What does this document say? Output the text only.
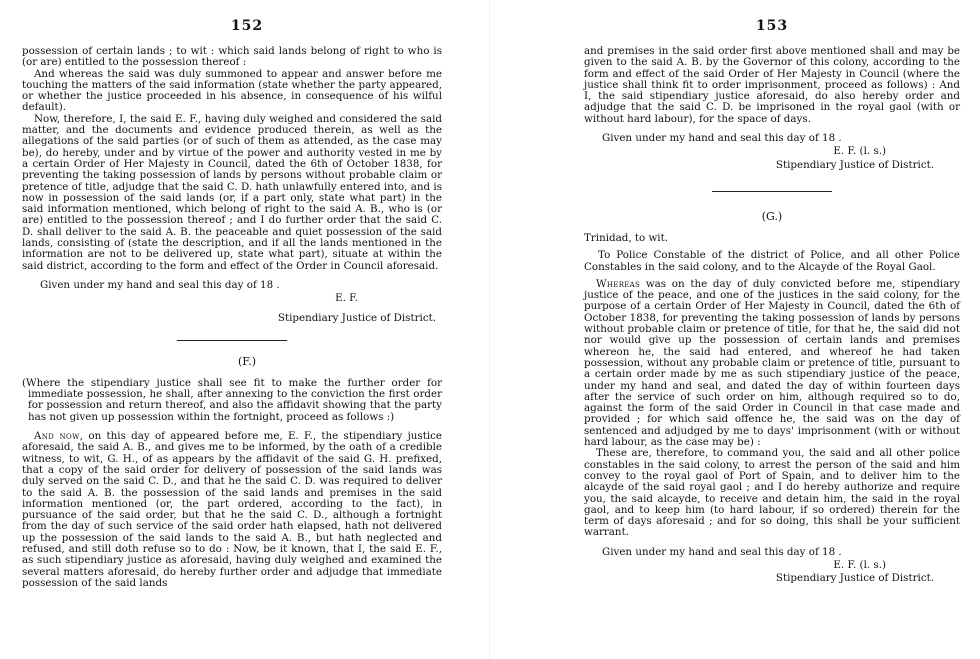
152

possession of certain lands ; to wit : which said lands belong of right to who is (or are) entitled to the possession thereof :

And whereas the said was duly summoned to appear and answer before me touching the matters of the said information (state whether the party appeared, or whether the justice proceeded in his absence, in consequence of his wilful default).

Now, therefore, I, the said E. F., having duly weighed and considered the said matter, and the documents and evidence produced therein, as well as the allegations of the said parties (or of such of them as attended, as the case may be), do hereby, under and by virtue of the power and authority vested in me by a certain Order of Her Majesty in Council, dated the 6th of October 1838, for preventing the taking possession of lands by persons without probable claim or pretence of title, adjudge that the said C. D. hath unlawfully entered into, and is now in possession of the said lands (or, if a part only, state what part) in the said information mentioned, which belong of right to the said A. B., who is (or are) entitled to the possession thereof ; and I do further order that the said C. D. shall deliver to the said A. B. the peaceable and quiet possession of the said lands, consisting of (state the description, and if all the lands mentioned in the information are not to be delivered up, state what part), situate at within the said district, according to the form and effect of the Order in Council aforesaid.

Given under my hand and seal this day of 18 .

E. F.

Stipendiary Justice of District.

(F.)

(Where the stipendiary justice shall see fit to make the further order for immediate possession, he shall, after annexing to the conviction the first order for possession and return thereof, and also the affidavit showing that the party has not given up possession within the fortnight, proceed as follows :)

And now, on this day of appeared before me, E. F., the stipendiary justice aforesaid, the said A. B., and gives me to be informed, by the oath of a credible witness, to wit, G. H., of as appears by the affidavit of the said G. H. prefixed, that a copy of the said order for delivery of possession of the said lands was duly served on the said C. D., and that he the said C. D. was required to deliver to the said A. B. the possession of the said lands and premises in the said information mentioned (or, the part ordered, according to the fact), in pursuance of the said order, but that he the said C. D., although a fortnight from the day of such service of the said order hath elapsed, hath not delivered up the possession of the said lands to the said A. B., but hath neglected and refused, and still doth refuse so to do : Now, be it known, that I, the said E. F., as such stipendiary justice as aforesaid, having duly weighed and examined the several matters aforesaid, do hereby further order and adjudge that immediate possession of the said lands

153

and premises in the said order first above mentioned shall and may be given to the said A. B. by the Governor of this colony, according to the form and effect of the said Order of Her Majesty in Council (where the justice shall think fit to order imprisonment, proceed as follows) : And I, the said stipendiary justice aforesaid, do also hereby order and adjudge that the said C. D. be imprisoned in the royal gaol (with or without hard labour), for the space of days.

Given under my hand and seal this day of 18 .

E. F. (l. s.)

Stipendiary Justice of District.

(G.)

Trinidad, to wit.

To Police Constable of the district of Police, and all other Police Constables in the said colony, and to the Alcayde of the Royal Gaol.

Whereas was on the day of duly convicted before me, stipendiary justice of the peace, and one of the justices in the said colony, for the purpose of a certain Order of Her Majesty in Council, dated the 6th of October 1838, for preventing the taking possession of lands by persons without probable claim or pretence of title, for that he, the said did not nor would give up the possession of certain lands and premises whereon he, the said had entered, and whereof he had taken possession, without any probable claim or pretence of title, pursuant to a certain order made by me as such stipendiary justice of the peace, under my hand and seal, and dated the day of within fourteen days after the service of such order on him, although required so to do, against the form of the said Order in Council in that case made and provided ; for which said offence he, the said was on the day of sentenced and adjudged by me to days' imprisonment (with or without hard labour, as the case may be) :

These are, therefore, to command you, the said and all other police constables in the said colony, to arrest the person of the said and him convey to the royal gaol of Port of Spain, and to deliver him to the alcayde of the said royal gaol ; and I do hereby authorize and require you, the said alcayde, to receive and detain him, the said in the royal gaol, and to keep him (to hard labour, if so ordered) therein for the term of days aforesaid ; and for so doing, this shall be your sufficient warrant.

Given under my hand and seal this day of 18 .

E. F. (l. s.)

Stipendiary Justice of District.
